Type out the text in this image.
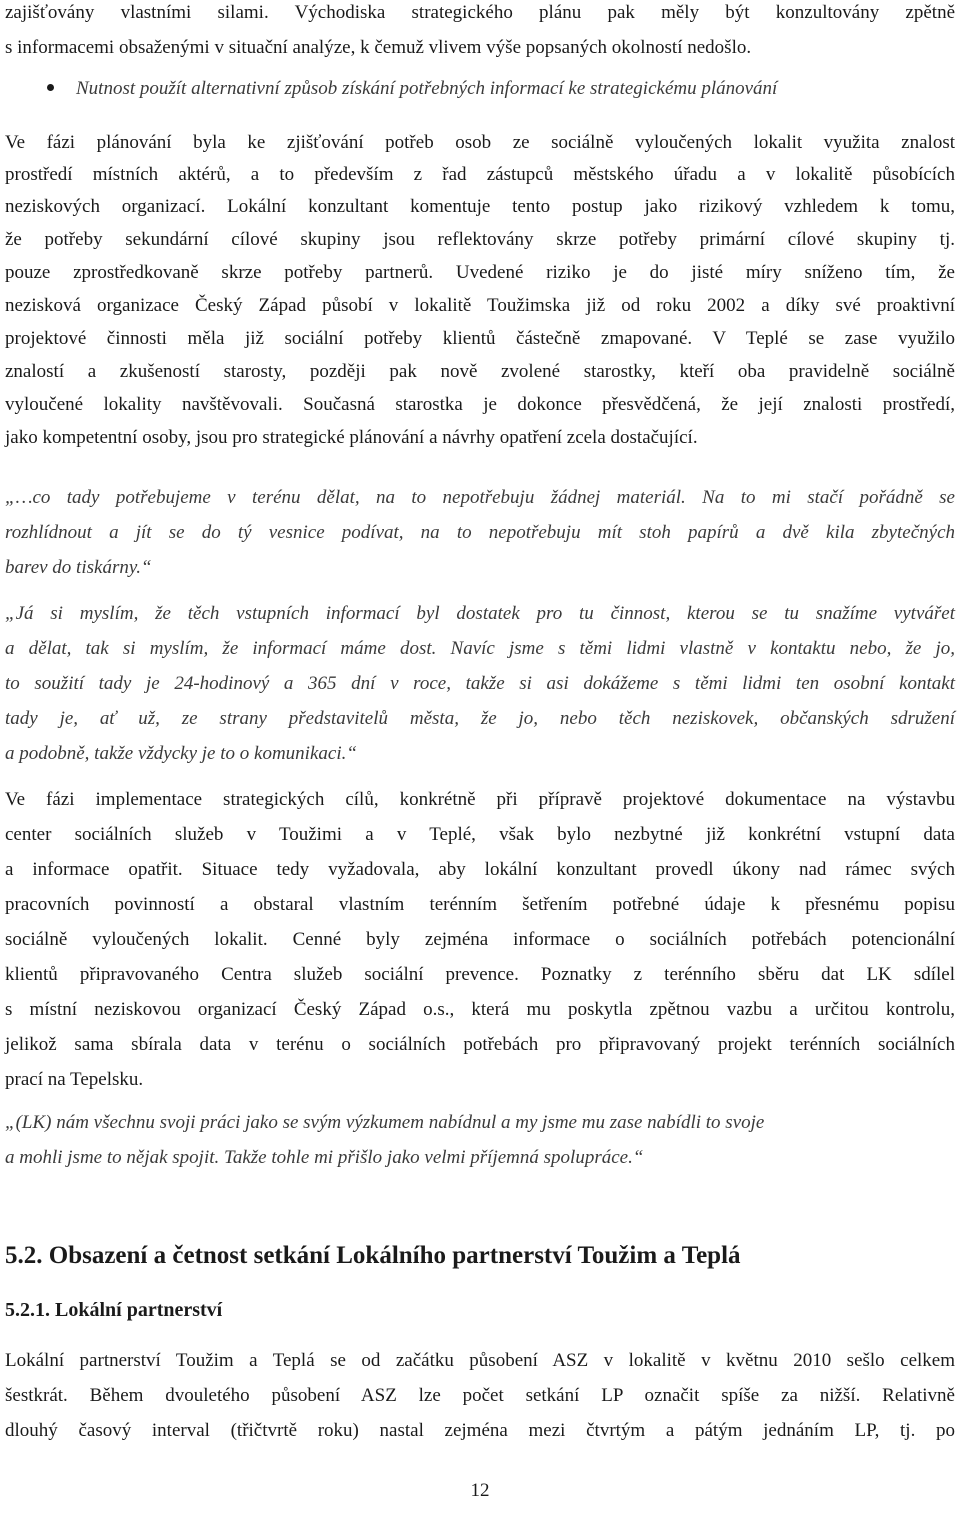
zajišťovány vlastními silami. Východiska strategického plánu pak měly být konzultovány zpětně
s informacemi obsaženými v situační analýze, k čemuž vlivem výše popsaných okolností nedošlo.
Nutnost použít alternativní způsob získání potřebných informací ke strategickému plánování
Ve fázi plánování byla ke zjišťování potřeb osob ze sociálně vyloučených lokalit využita znalost
prostředí místních aktérů, a to především z řad zástupců městského úřadu a v lokalitě působících
neziskových organizací. Lokální konzultant komentuje tento postup jako rizikový vzhledem k tomu,
že potřeby sekundární cílové skupiny jsou reflektovány skrze potřeby primární cílové skupiny tj.
pouze zprostředkovaně skrze potřeby partnerů. Uvedené riziko je do jisté míry sníženo tím, že
nezisková organizace Český Západ působí v lokalitě Toužimska již od roku 2002 a díky své proaktivní
projektové činnosti měla již sociální potřeby klientů částečně zmapované. V Teplé se zase využilo
znalostí a zkušeností starosty, později pak nově zvolené starostky, kteří oba pravidelně sociálně
vyloučené lokality navštěvovali. Současná starostka je dokonce přesvědčená, že její znalosti prostředí,
jako kompetentní osoby, jsou pro strategické plánování a návrhy opatření zcela dostačující.
„…co tady potřebujeme v terénu dělat, na to nepotřebuju žádnej materiál. Na to mi stačí pořádně se
rozhlídnout a jít se do tý vesnice podívat, na to nepotřebuju mít stoh papírů a dvě kila zbytečných
barev do tiskárny.“
„Já si myslím, že těch vstupních informací byl dostatek pro tu činnost, kterou se tu snažíme vytvářet
a dělat, tak si myslím, že informací máme dost. Navíc jsme s těmi lidmi vlastně v kontaktu nebo, že jo,
to soužití tady je 24-hodinový a 365 dní v roce, takže si asi dokážeme s těmi lidmi ten osobní kontakt
tady je, ať už, ze strany představitelů města, že jo, nebo těch neziskovek, občanských sdružení
a podobně, takže vždycky je to o komunikaci.“
Ve fázi implementace strategických cílů, konkrétně při přípravě projektové dokumentace na výstavbu
center sociálních služeb v Toužimi a v Teplé, však bylo nezbytné již konkrétní vstupní data
a informace opatřit. Situace tedy vyžadovala, aby lokální konzultant provedl úkony nad rámec svých
pracovních povinností a obstaral vlastním terénním šetřením potřebné údaje k přesnému popisu
sociálně vyloučených lokalit. Cenné byly zejména informace o sociálních potřebách potencionální
klientů připravovaného Centra služeb sociální prevence. Poznatky z terénního sběru dat LK sdílel
s místní neziskovou organizací Český Západ o.s., která mu poskytla zpětnou vazbu a určitou kontrolu,
jelikož sama sbírala data v terénu o sociálních potřebách pro připravovaný projekt terénních sociálních
prací na Tepelsku.
„(LK) nám všechnu svoji práci jako se svým výzkumem nabídnul a my jsme mu zase nabídli to svoje
a mohli jsme to nějak spojit. Takže tohle mi přišlo jako velmi příjemná spolupráce.“
5.2. Obsazení a četnost setkání Lokálního partnerství Toužim a Teplá
5.2.1. Lokální partnerství
Lokální partnerství Toužim a Teplá se od začátku působení ASZ v lokalitě v květnu 2010 sešlo celkem
šestkrát. Během dvouletého působení ASZ lze počet setkání LP označit spíše za nižší. Relativně
dlouhý časový interval (třičtvrtě roku) nastal zejména mezi čtvrtým a pátým jednáním LP, tj. po
12
